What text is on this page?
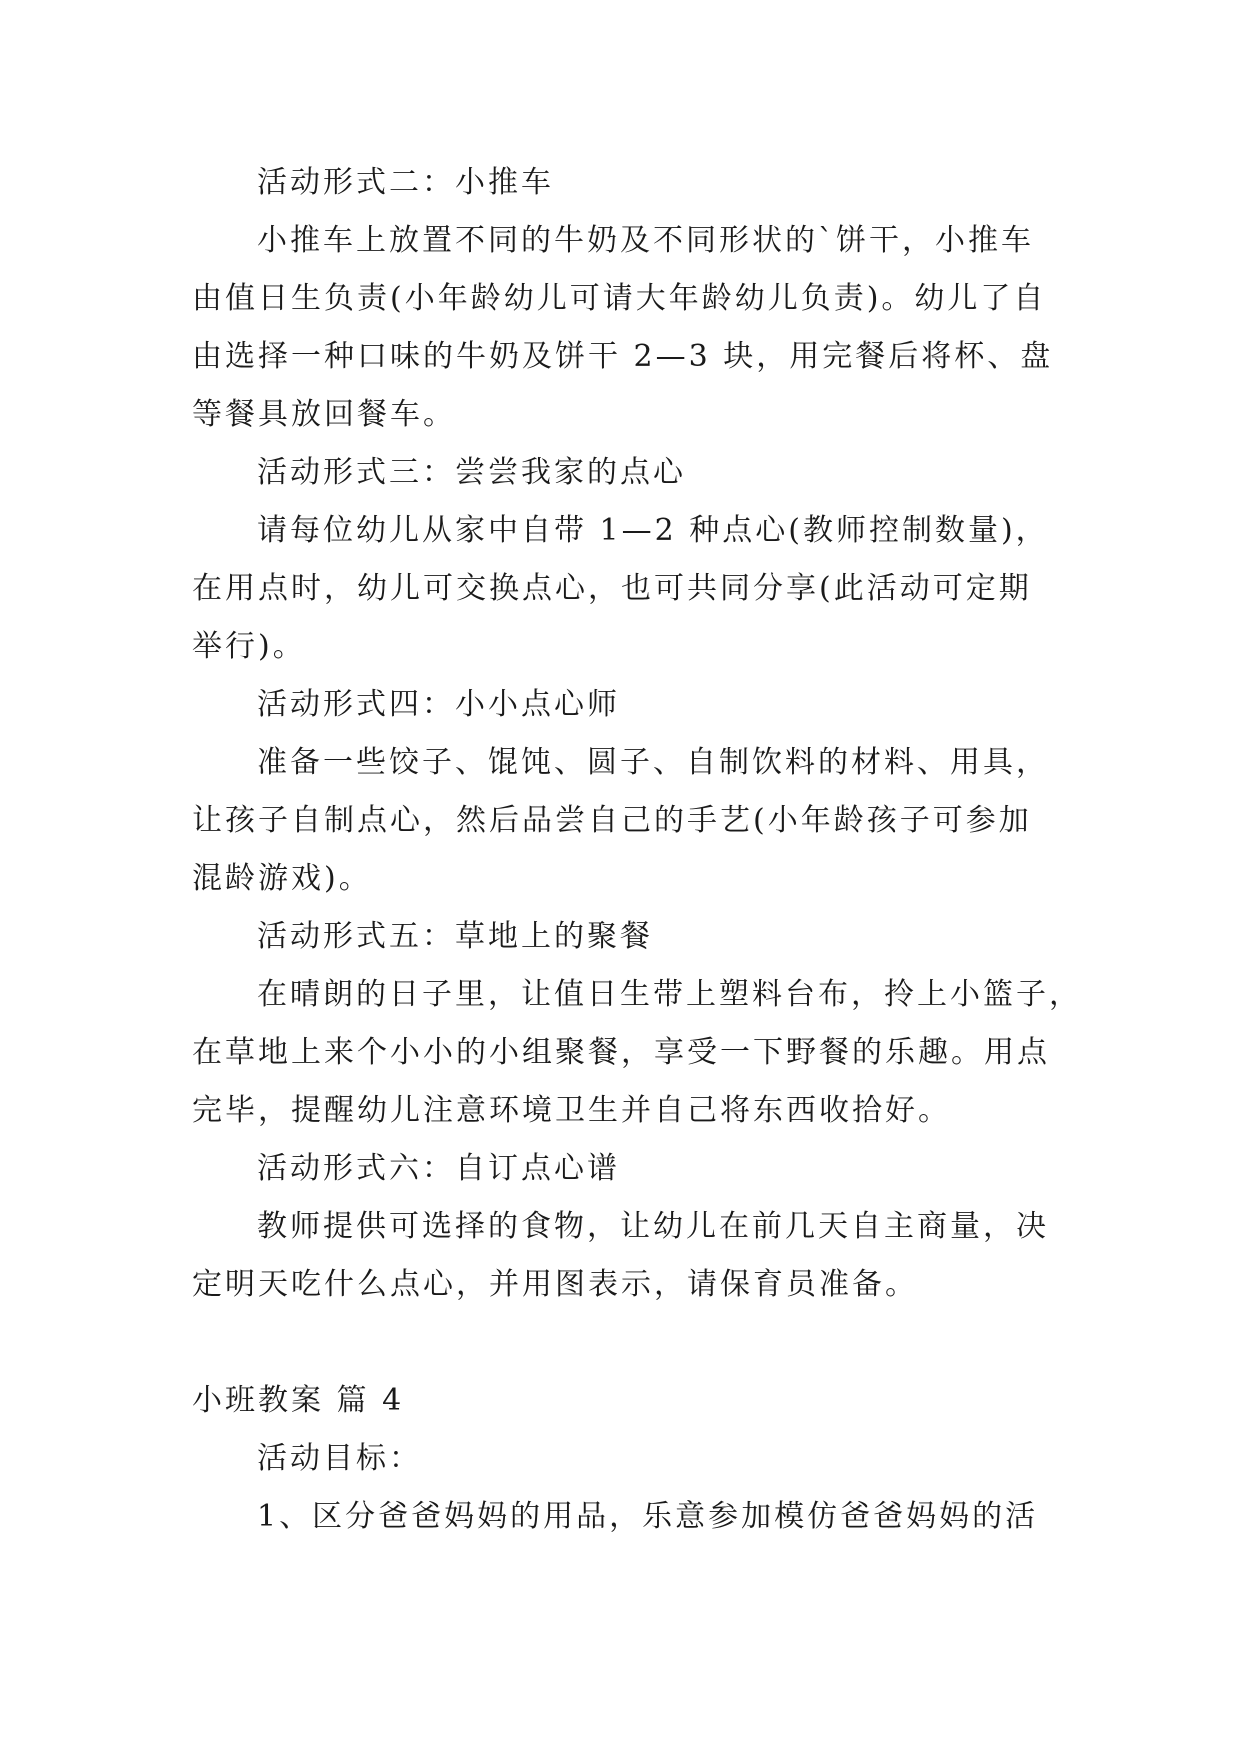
活动形式二：小推车
小推车上放置不同的牛奶及不同形状的`饼干，小推车
由值日生负责(小年龄幼儿可请大年龄幼儿负责)。幼儿了自
由选择一种口味的牛奶及饼干 2—3 块，用完餐后将杯、盘
等餐具放回餐车。
活动形式三：尝尝我家的点心
请每位幼儿从家中自带 1—2 种点心(教师控制数量)，
在用点时，幼儿可交换点心，也可共同分享(此活动可定期
举行)。
活动形式四：小小点心师
准备一些饺子、馄饨、圆子、自制饮料的材料、用具，
让孩子自制点心，然后品尝自己的手艺(小年龄孩子可参加
混龄游戏)。
活动形式五：草地上的聚餐
在晴朗的日子里，让值日生带上塑料台布，拎上小篮子，
在草地上来个小小的小组聚餐，享受一下野餐的乐趣。用点
完毕，提醒幼儿注意环境卫生并自己将东西收拾好。
活动形式六：自订点心谱
教师提供可选择的食物，让幼儿在前几天自主商量，决
定明天吃什么点心，并用图表示，请保育员准备。
小班教案 篇 4
活动目标：
1、区分爸爸妈妈的用品，乐意参加模仿爸爸妈妈的活
